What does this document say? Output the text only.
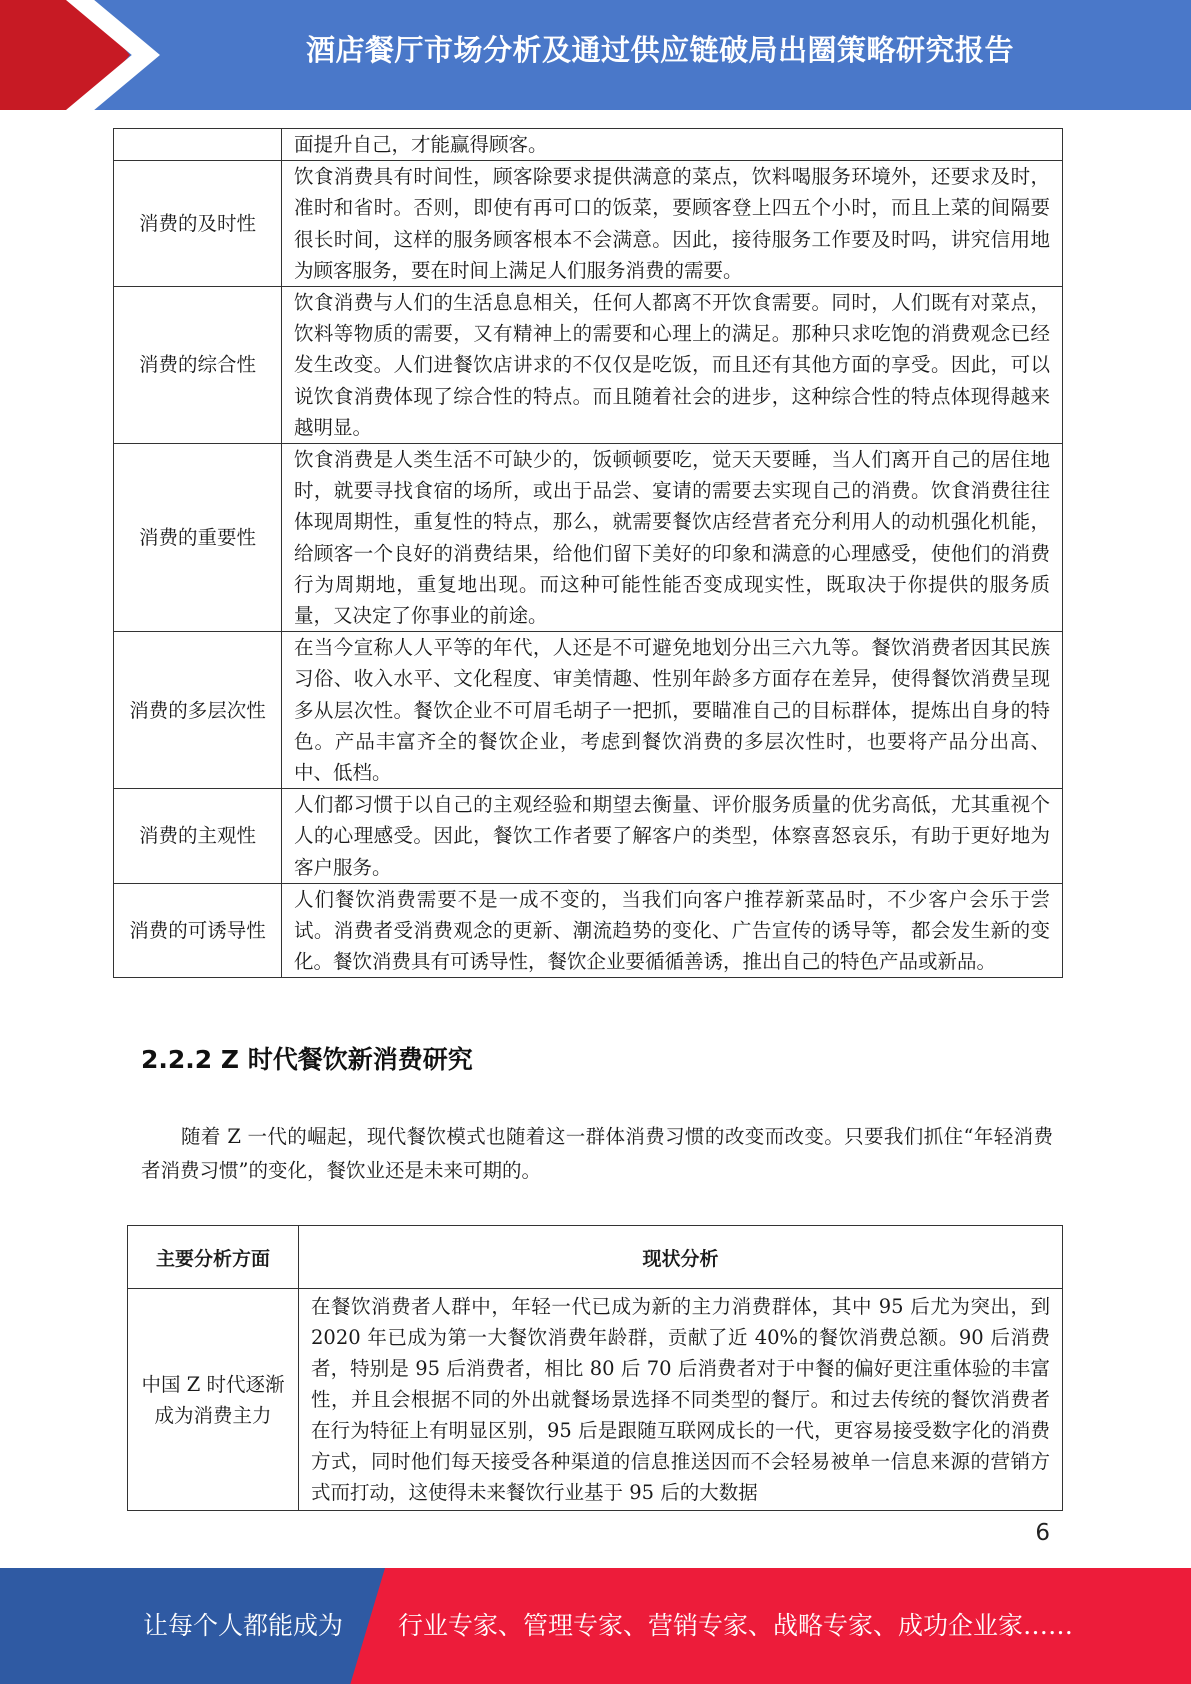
酒店餐厅市场分析及通过供应链破局出圈策略研究报告
	面提升自己，才能赢得顾客。
消费的及时性	饮食消费具有时间性，顾客除要求提供满意的菜点，饮料喝服务环境外，还要求及时，准时和省时。否则，即使有再可口的饭菜，要顾客登上四五个小时，而且上菜的间隔要很长时间，这样的服务顾客根本不会满意。因此，接待服务工作要及时吗，讲究信用地为顾客服务，要在时间上满足人们服务消费的需要。
消费的综合性	饮食消费与人们的生活息息相关，任何人都离不开饮食需要。同时，人们既有对菜点，饮料等物质的需要，又有精神上的需要和心理上的满足。那种只求吃饱的消费观念已经发生改变。人们进餐饮店讲求的不仅仅是吃饭，而且还有其他方面的享受。因此，可以说饮食消费体现了综合性的特点。而且随着社会的进步，这种综合性的特点体现得越来越明显。
消费的重要性	饮食消费是人类生活不可缺少的，饭顿顿要吃，觉天天要睡，当人们离开自己的居住地时，就要寻找食宿的场所，或出于品尝、宴请的需要去实现自己的消费。饮食消费往往体现周期性，重复性的特点，那么，就需要餐饮店经营者充分利用人的动机强化机能，给顾客一个良好的消费结果，给他们留下美好的印象和满意的心理感受，使他们的消费行为周期地，重复地出现。而这种可能性能否变成现实性，既取决于你提供的服务质量，又决定了你事业的前途。
消费的多层次性	在当今宣称人人平等的年代，人还是不可避免地划分出三六九等。餐饮消费者因其民族习俗、收入水平、文化程度、审美情趣、性别年龄多方面存在差异，使得餐饮消费呈现多从层次性。餐饮企业不可眉毛胡子一把抓，要瞄准自己的目标群体，提炼出自身的特色。产品丰富齐全的餐饮企业，考虑到餐饮消费的多层次性时，也要将产品分出高、中、低档。
消费的主观性	人们都习惯于以自己的主观经验和期望去衡量、评价服务质量的优劣高低，尤其重视个人的心理感受。因此，餐饮工作者要了解客户的类型，体察喜怒哀乐，有助于更好地为客户服务。
消费的可诱导性	人们餐饮消费需要不是一成不变的，当我们向客户推荐新菜品时，不少客户会乐于尝试。消费者受消费观念的更新、潮流趋势的变化、广告宣传的诱导等，都会发生新的变化。餐饮消费具有可诱导性，餐饮企业要循循善诱，推出自己的特色产品或新品。
2.2.2 Z 时代餐饮新消费研究
随着 Z 一代的崛起，现代餐饮模式也随着这一群体消费习惯的改变而改变。只要我们抓住“年轻消费者消费习惯”的变化，餐饮业还是未来可期的。
主要分析方面	现状分析
中国 Z 时代逐渐成为消费主力	在餐饮消费者人群中，年轻一代已成为新的主力消费群体，其中 95 后尤为突出，到 2020 年已成为第一大餐饮消费年龄群，贡献了近 40%的餐饮消费总额。90 后消费者，特别是 95 后消费者，相比 80 后 70 后消费者对于中餐的偏好更注重体验的丰富性，并且会根据不同的外出就餐场景选择不同类型的餐厅。和过去传统的餐饮消费者在行为特征上有明显区别，95 后是跟随互联网成长的一代，更容易接受数字化的消费方式，同时他们每天接受各种渠道的信息推送因而不会轻易被单一信息来源的营销方式而打动，这使得未来餐饮行业基于 95 后的大数据
6
让每个人都能成为 行业专家、管理专家、营销专家、战略专家、成功企业家……
